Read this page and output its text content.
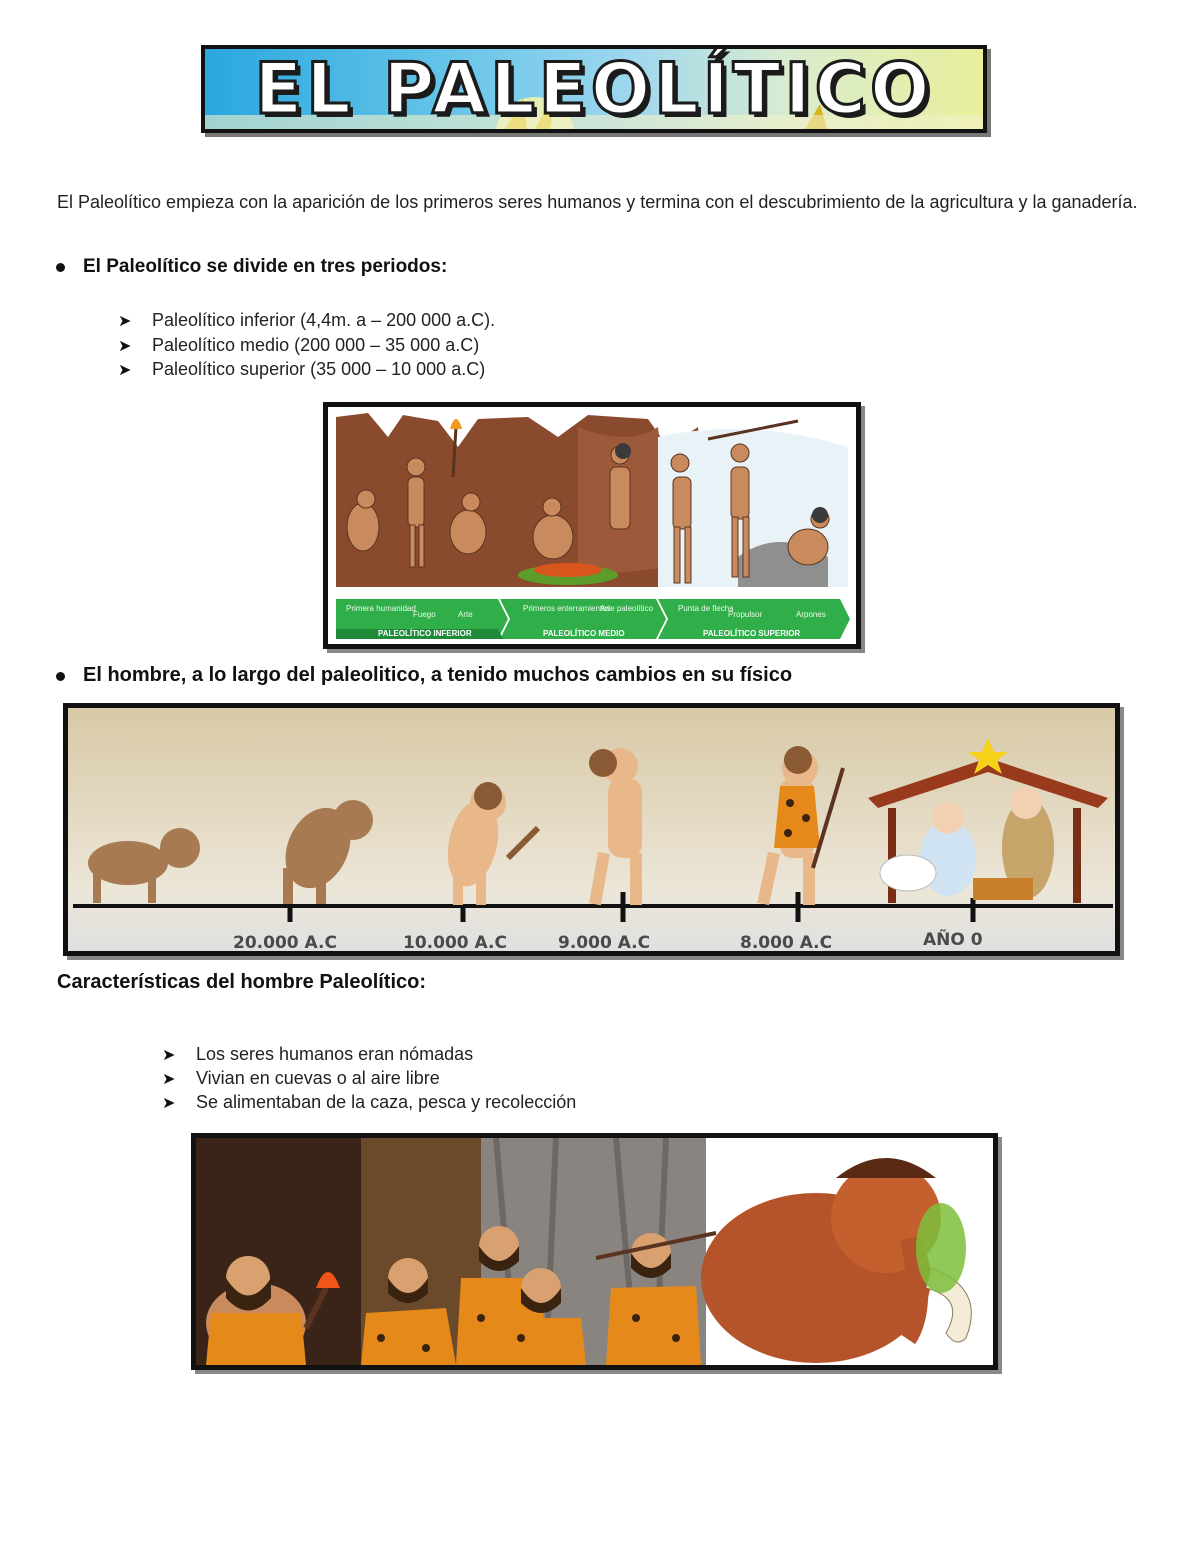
EL PALEOLÍTICO
El Paleolítico empieza con la aparición de los primeros seres humanos y termina con el descubrimiento de la agricultura y la ganadería.
El Paleolítico se divide en tres periodos:
➤ Paleolítico inferior (4,4m. a – 200 000 a.C).
➤ Paleolítico medio (200 000 – 35 000 a.C)
➤ Paleolítico superior (35 000 – 10 000 a.C)
Primera humanidad
Fuego	Arte
Primeros enterramientos
Arte paleolítico	Punta de flecha
Propulsor	Arpones
PALEOLÍTICO INFERIOR	PALEOLÍTICO MEDIO	PALEOLÍTICO SUPERIOR
El hombre, a lo largo del paleolitico, a tenido muchos cambios en su físico
20.000 A.C	10.000 A.C	9.000 A.C	8.000 A.C	AÑO 0
Características del hombre Paleolítico:
➤ Los seres humanos eran nómadas
➤ Vivian en cuevas o al aire libre
➤ Se alimentaban de la caza, pesca y recolección
